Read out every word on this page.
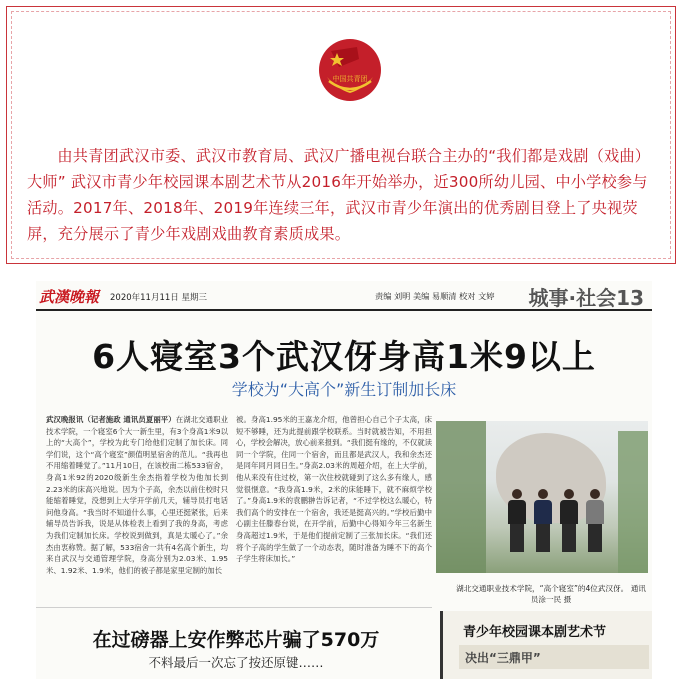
中国共青团
由共青团武汉市委、武汉市教育局、武汉广播电视台联合主办的“我们都是戏剧（戏曲）大师” 武汉市青少年校园课本剧艺术节从2016年开始举办，近300所幼儿园、中小学校参与活动。2017年、2018年、2019年连续三年，武汉市青少年演出的优秀剧目登上了央视荧屏，充分展示了青少年戏剧戏曲教育素质成果。
武漢晚報 2020年11月11日 星期三	责编 刘明 美编 易顺清 校对 文婷 城事·社会13
6人寝室3个武汉伢身高1米9以上
学校为“大高个”新生订制加长床
武汉晚报讯（记者施政 通讯员夏丽平）在湖北交通职业技术学院，一个寝室6个大一新生里，有3个身高1米9以上的“大高个”，学校为此专门给他们定制了加长床。同学们说，这个“高个寝室”颜值明星宿舍的范儿。“我再也不用缩着睡觉了。”11月10日，在该校南二栋533宿舍，身高1米92的2020级新生余杰指着学校为他加长到2.23米的床高兴地说。因为个子高，余杰以前住校时只能缩着睡觉，没想到上大学开学前几天，辅导员打电话问他身高。“我当时不知道什么事，心里还挺紧张，后来辅导员告诉我，说是从体检表上看到了我的身高，考虑为我们定制加长床。学校说到做到，真是太暖心了。”余杰由衷称赞。据了解，533宿舍一共有4名高个新生，均来自武汉与交通管理学院，身高分别为2.03米、1.95米、1.92米、1.9米，他们的被子都是家里定制的加长
被。身高1.95米的王嘉龙介绍，他曾担心自己个子太高，床短不够睡，还为此提前跟学校联系。当时就被告知，不用担心，学校会解决，放心前来报到。“我们挺有缘的，不仅就读同一个学院，住同一个宿舍，而且都是武汉人，我和余杰还是同年同月同日生。”身高2.03米的周超介绍，在上大学前，他从来没有住过校，第一次住校就碰到了这么多有缘人，感觉很惬意。“我身高1.9米，2米的床能睡下，就不麻烦学校了。”身高1.9米的袁鹏翀告诉记者，“不过学校这么暖心，特我们高个的安排在一个宿舍，我还是挺高兴的。”学校后勤中心副主任滕春台说，在开学前，后勤中心得知今年三名新生身高超过1.9米，于是他们提前定制了三张加长床。“我们还将个子高的学生做了一个动态表，随时准备为睡不下的高个子学生将床加长。”
湖北交通职业技术学院，“高个寝室”的4位武汉伢。 通讯员涂一民 摄
在过磅器上安作弊芯片骗了570万
不料最后一次忘了按还原键……
青少年校园课本剧艺术节
决出“三鼎甲”
